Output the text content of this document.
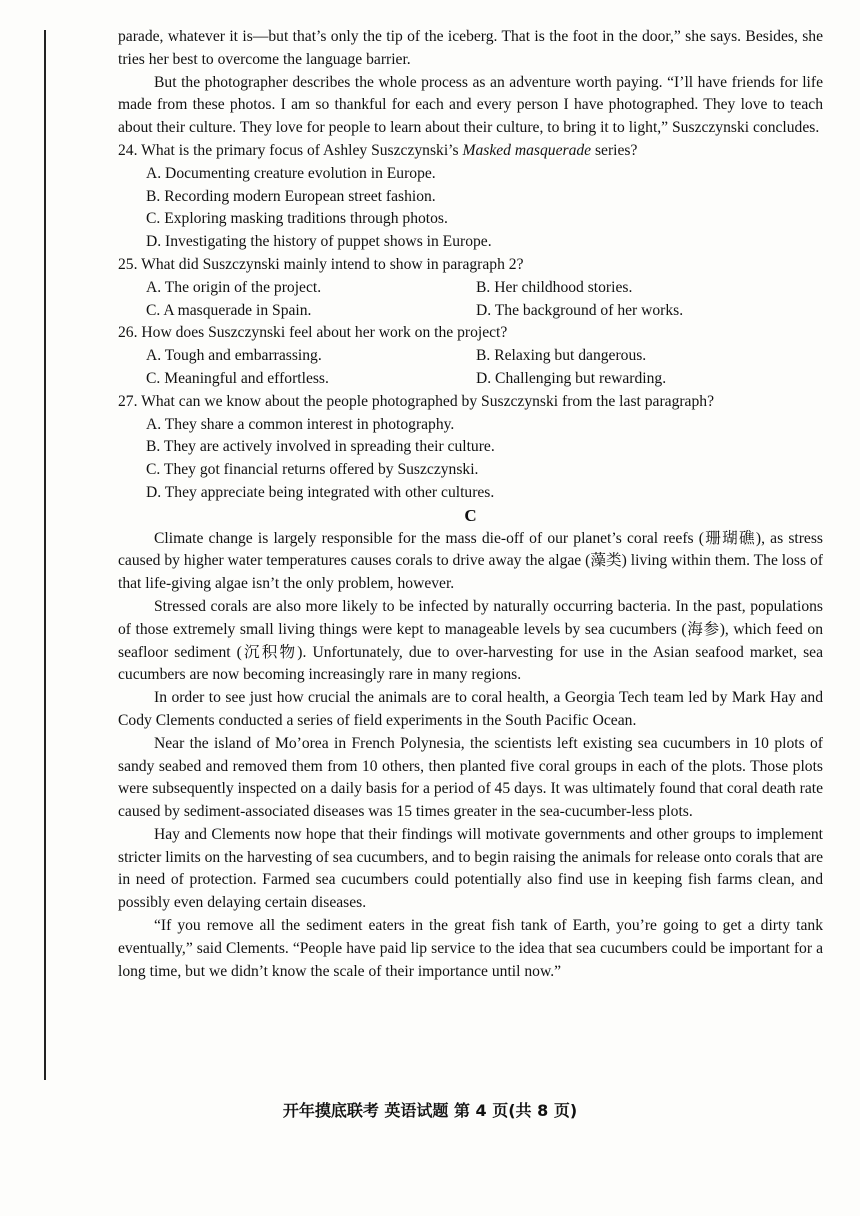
parade, whatever it is—but that’s only the tip of the iceberg. That is the foot in the door,” she says. Besides, she tries her best to overcome the language barrier.

But the photographer describes the whole process as an adventure worth paying. “I’ll have friends for life made from these photos. I am so thankful for each and every person I have photographed. They love to teach about their culture. They love for people to learn about their culture, to bring it to light,” Suszczynski concludes.

24. What is the primary focus of Ashley Suszczynski’s Masked masquerade series?

A. Documenting creature evolution in Europe.

B. Recording modern European street fashion.

C. Exploring masking traditions through photos.

D. Investigating the history of puppet shows in Europe.

25. What did Suszczynski mainly intend to show in paragraph 2?

A. The origin of the project.	B. Her childhood stories.
C. A masquerade in Spain.	D. The background of her works.

26. How does Suszczynski feel about her work on the project?

A. Tough and embarrassing.	B. Relaxing but dangerous.
C. Meaningful and effortless.	D. Challenging but rewarding.

27. What can we know about the people photographed by Suszczynski from the last paragraph?

A. They share a common interest in photography.

B. They are actively involved in spreading their culture.

C. They got financial returns offered by Suszczynski.

D. They appreciate being integrated with other cultures.

C

Climate change is largely responsible for the mass die-off of our planet’s coral reefs (珊瑚礁), as stress caused by higher water temperatures causes corals to drive away the algae (藻类) living within them. The loss of that life-giving algae isn’t the only problem, however.

Stressed corals are also more likely to be infected by naturally occurring bacteria. In the past, populations of those extremely small living things were kept to manageable levels by sea cucumbers (海参), which feed on seafloor sediment (沉积物). Unfortunately, due to over-harvesting for use in the Asian seafood market, sea cucumbers are now becoming increasingly rare in many regions.

In order to see just how crucial the animals are to coral health, a Georgia Tech team led by Mark Hay and Cody Clements conducted a series of field experiments in the South Pacific Ocean.

Near the island of Mo’orea in French Polynesia, the scientists left existing sea cucumbers in 10 plots of sandy seabed and removed them from 10 others, then planted five coral groups in each of the plots. Those plots were subsequently inspected on a daily basis for a period of 45 days. It was ultimately found that coral death rate caused by sediment-associated diseases was 15 times greater in the sea-cucumber-less plots.

Hay and Clements now hope that their findings will motivate governments and other groups to implement stricter limits on the harvesting of sea cucumbers, and to begin raising the animals for release onto corals that are in need of protection. Farmed sea cucumbers could potentially also find use in keeping fish farms clean, and possibly even delaying certain diseases.

“If you remove all the sediment eaters in the great fish tank of Earth, you’re going to get a dirty tank eventually,” said Clements. “People have paid lip service to the idea that sea cucumbers could be important for a long time, but we didn’t know the scale of their importance until now.”

开年摸底联考 英语试题 第 4 页(共 8 页)
